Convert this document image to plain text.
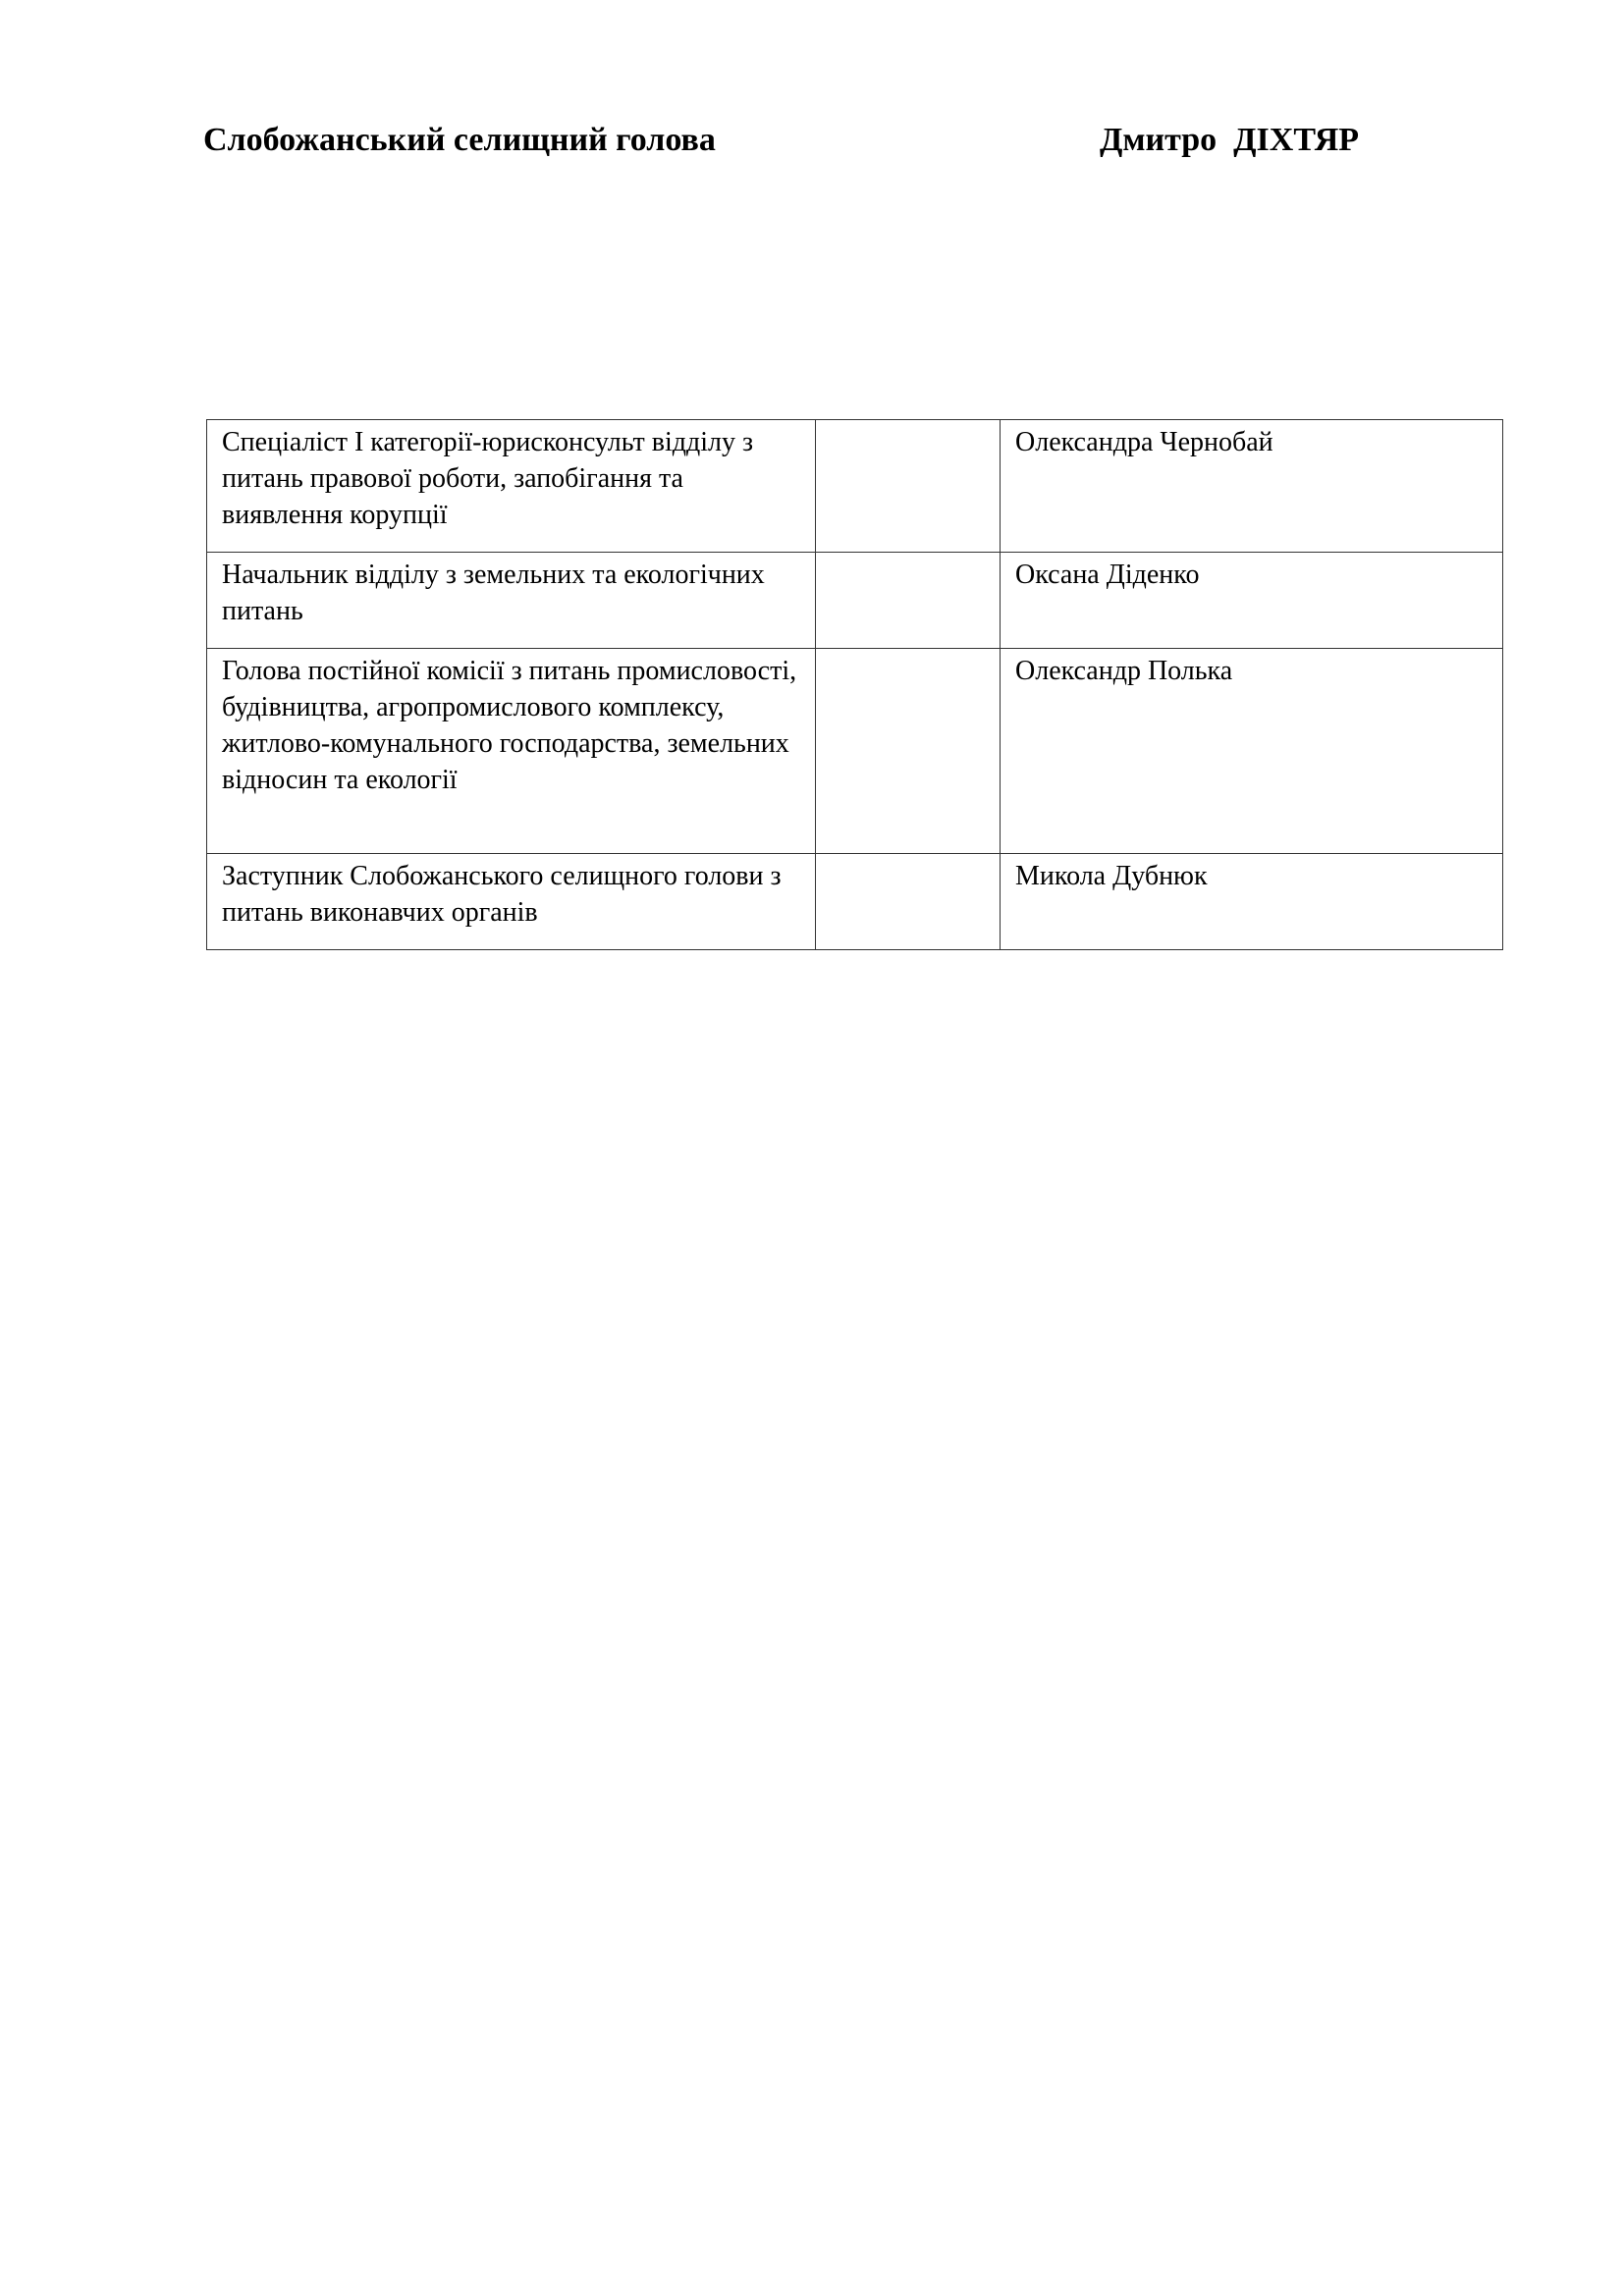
Слобожанський селищний голова	Дмитро  ДІХТЯР
Спеціаліст І категорії-юрисконсульт відділу з питань правової роботи, запобігання та виявлення корупції		Олександра Чернобай
Начальник відділу з земельних та екологічних питань		Оксана Діденко
Голова постійної комісії з питань промисловості, будівництва, агропромислового комплексу, житлово-комунального господарства, земельних відносин та екології		Олександр Полька
Заступник Слобожанського селищного голови з питань виконавчих органів		Микола Дубнюк
